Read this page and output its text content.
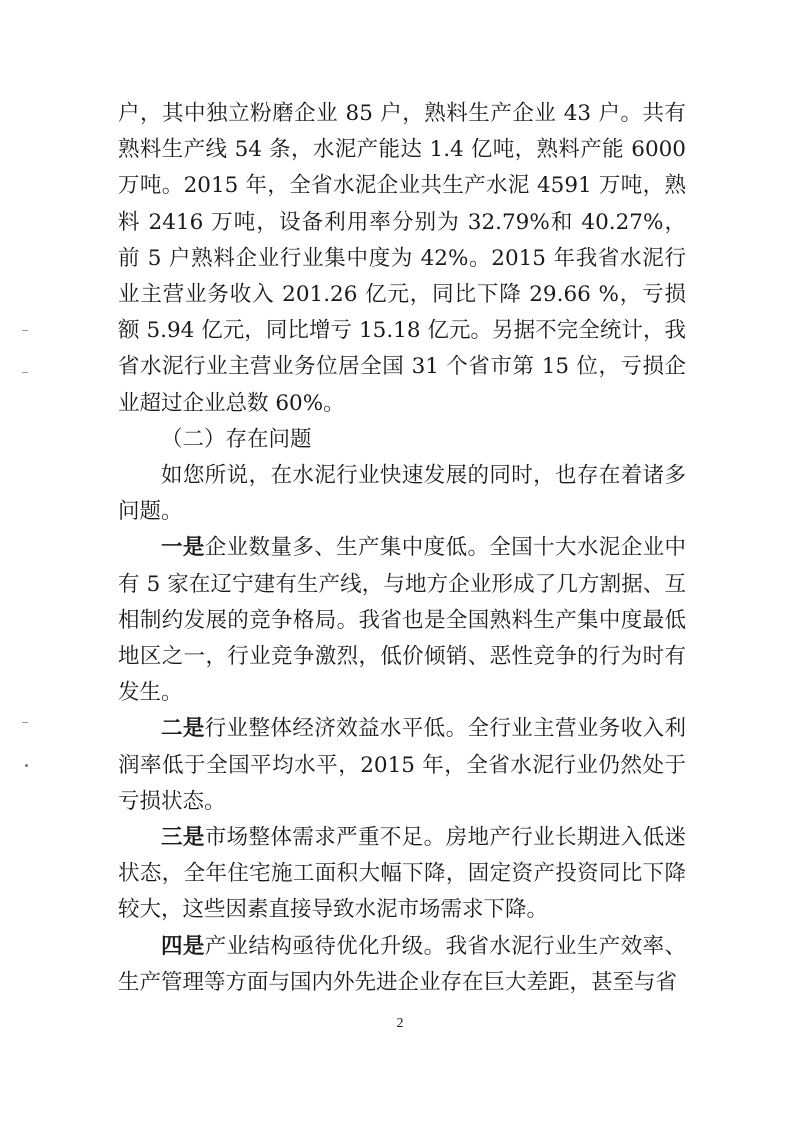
户，其中独立粉磨企业 85 户，熟料生产企业 43 户。共有熟料生产线 54 条，水泥产能达 1.4 亿吨，熟料产能 6000 万吨。2015 年，全省水泥企业共生产水泥 4591 万吨，熟料 2416 万吨，设备利用率分别为 32.79%和 40.27%，前 5 户熟料企业行业集中度为 42%。2015 年我省水泥行业主营业务收入 201.26 亿元，同比下降 29.66 %，亏损额 5.94 亿元，同比增亏 15.18 亿元。另据不完全统计，我省水泥行业主营业务位居全国 31 个省市第 15 位，亏损企业超过企业总数 60%。

（二）存在问题

如您所说，在水泥行业快速发展的同时，也存在着诸多问题。

一是企业数量多、生产集中度低。全国十大水泥企业中有 5 家在辽宁建有生产线，与地方企业形成了几方割据、互相制约发展的竞争格局。我省也是全国熟料生产集中度最低地区之一，行业竞争激烈，低价倾销、恶性竞争的行为时有发生。

二是行业整体经济效益水平低。全行业主营业务收入利润率低于全国平均水平，2015 年，全省水泥行业仍然处于亏损状态。

三是市场整体需求严重不足。房地产行业长期进入低迷状态，全年住宅施工面积大幅下降，固定资产投资同比下降较大，这些因素直接导致水泥市场需求下降。

四是产业结构亟待优化升级。我省水泥行业生产效率、生产管理等方面与国内外先进企业存在巨大差距，甚至与省

2
